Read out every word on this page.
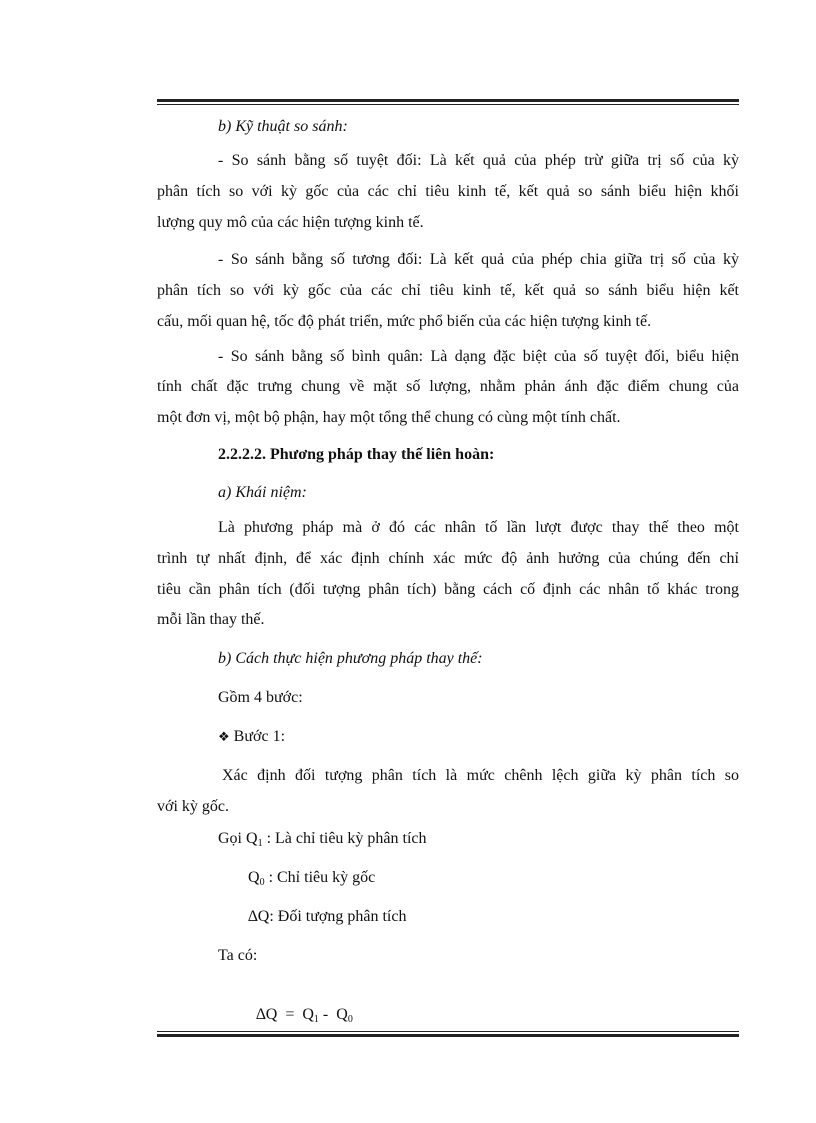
b) Kỹ thuật so sánh:
- So sánh bằng số tuyệt đối: Là kết quả của phép trừ giữa trị số của kỳ
phân tích so với kỳ gốc của các chỉ tiêu kinh tế, kết quả so sánh biểu hiện khối
lượng quy mô của các hiện tượng kinh tế.
- So sánh bằng số tương đối: Là kết quả của phép chia giữa trị số của kỳ
phân tích so với kỳ gốc của các chỉ tiêu kinh tế, kết quả so sánh biểu hiện kết
cấu, mối quan hệ, tốc độ phát triển, mức phổ biến của các hiện tượng kinh tế.
- So sánh bằng số bình quân: Là dạng đặc biệt của số tuyệt đối, biểu hiện
tính chất đặc trưng chung về mặt số lượng, nhằm phản ánh đặc điểm chung của
một đơn vị, một bộ phận, hay một tổng thể chung có cùng một tính chất.
2.2.2.2. Phương pháp thay thế liên hoàn:
a) Khái niệm:
Là phương pháp mà ở đó các nhân tố lần lượt được thay thế theo một
trình tự nhất định, để xác định chính xác mức độ ảnh hưởng của chúng đến chỉ
tiêu cần phân tích (đối tượng phân tích) bằng cách cố định các nhân tố khác trong
mỗi lần thay thế.
b) Cách thực hiện phương pháp thay thế:
Gồm 4 bước:
❖ Bước 1:
Xác định đối tượng phân tích là mức chênh lệch giữa kỳ phân tích so
với kỳ gốc.
Gọi $Q_1$ : Là chỉ tiêu kỳ phân tích
$Q_0$ : Chỉ tiêu kỳ gốc
∆Q: Đối tượng phân tích
Ta có:

$\Delta Q = Q_1 - Q_0$
